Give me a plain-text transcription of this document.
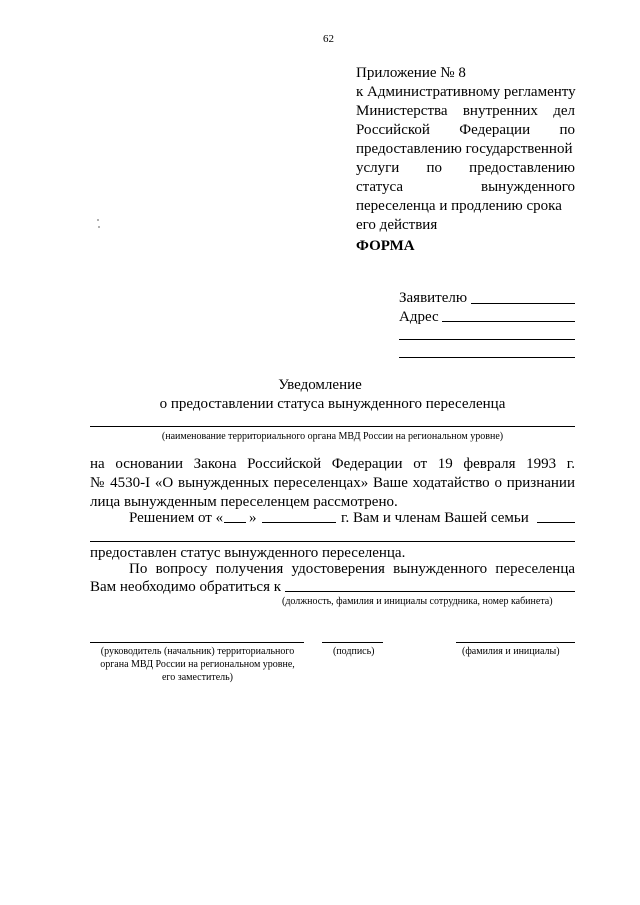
62
Приложение № 8
к Административному регламенту
Министерства внутренних дел
Российской Федерации по
предоставлению государственной
услуги по предоставлению
статуса вынужденного
переселенца и продлению срока
его действия
ФОРМА
Заявителю
Адрес
Уведомление
о предоставлении статуса вынужденного переселенца
(наименование территориального органа МВД России на региональном уровне)
на основании Закона Российской Федерации от 19 февраля 1993 г.
№ 4530-I «О вынужденных переселенцах» Ваше ходатайство о признании
лица вынужденным переселенцем рассмотрено.
Решением от « »	г. Вам и членам Вашей семьи
предоставлен статус вынужденного переселенца.
По вопросу получения удостоверения вынужденного переселенца
Вам необходимо обратиться к
(должность, фамилия и инициалы сотрудника, номер кабинета)
(руководитель (начальник) территориального
органа МВД России на региональном уровне,
его заместитель)
(подпись)	(фамилия и инициалы)
